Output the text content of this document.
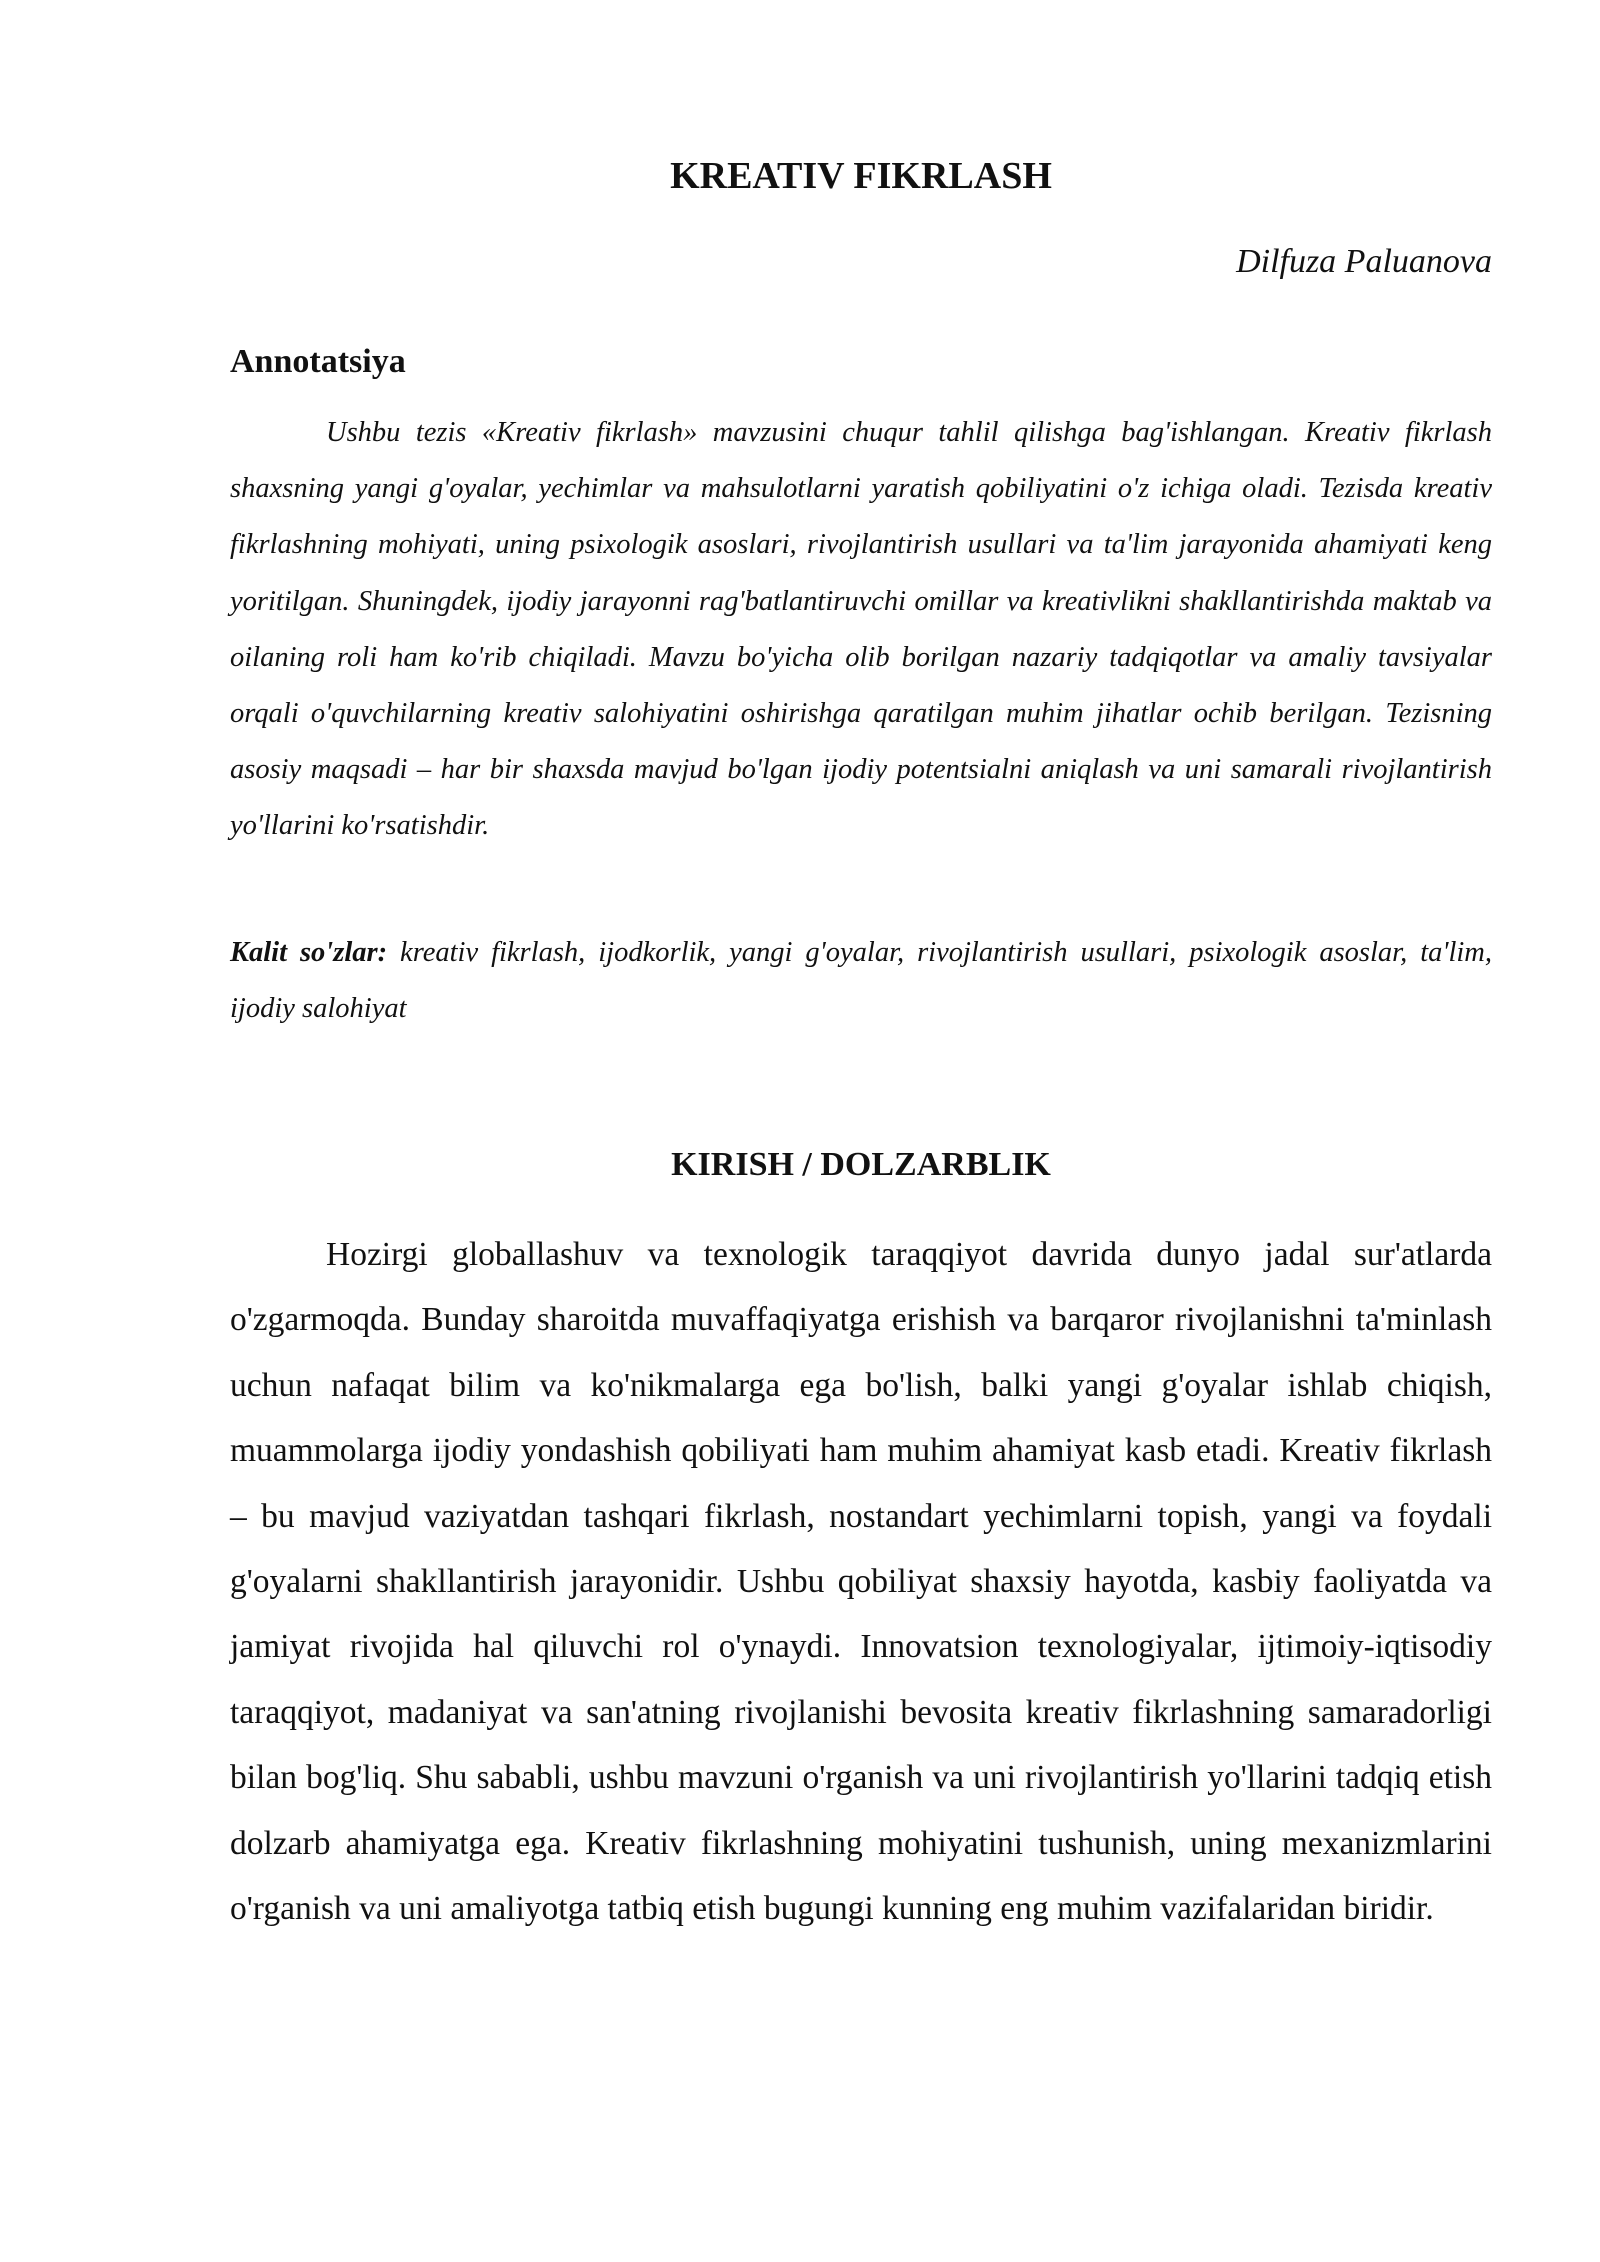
KREATIV FIKRLASH

Dilfuza Paluanova

Annotatsiya

Ushbu tezis «Kreativ fikrlash» mavzusini chuqur tahlil qilishga bag'ishlangan. Kreativ fikrlash shaxsning yangi g'oyalar, yechimlar va mahsulotlarni yaratish qobiliyatini o'z ichiga oladi. Tezisda kreativ fikrlashning mohiyati, uning psixologik asoslari, rivojlantirish usullari va ta'lim jarayonida ahamiyati keng yoritilgan. Shuningdek, ijodiy jarayonni rag'batlantiruvchi omillar va kreativlikni shakllantirishda maktab va oilaning roli ham ko'rib chiqiladi. Mavzu bo'yicha olib borilgan nazariy tadqiqotlar va amaliy tavsiyalar orqali o'quvchilarning kreativ salohiyatini oshirishga qaratilgan muhim jihatlar ochib berilgan. Tezisning asosiy maqsadi – har bir shaxsda mavjud bo'lgan ijodiy potentsialni aniqlash va uni samarali rivojlantirish yo'llarini ko'rsatishdir.

Kalit so'zlar: kreativ fikrlash, ijodkorlik, yangi g'oyalar, rivojlantirish usullari, psixologik asoslar, ta'lim, ijodiy salohiyat

KIRISH / DOLZARBLIK

Hozirgi globallashuv va texnologik taraqqiyot davrida dunyo jadal sur'atlarda o'zgarmoqda. Bunday sharoitda muvaffaqiyatga erishish va barqaror rivojlanishni ta'minlash uchun nafaqat bilim va ko'nikmalarga ega bo'lish, balki yangi g'oyalar ishlab chiqish, muammolarga ijodiy yondashish qobiliyati ham muhim ahamiyat kasb etadi. Kreativ fikrlash – bu mavjud vaziyatdan tashqari fikrlash, nostandart yechimlarni topish, yangi va foydali g'oyalarni shakllantirish jarayonidir. Ushbu qobiliyat shaxsiy hayotda, kasbiy faoliyatda va jamiyat rivojida hal qiluvchi rol o'ynaydi. Innovatsion texnologiyalar, ijtimoiy-iqtisodiy taraqqiyot, madaniyat va san'atning rivojlanishi bevosita kreativ fikrlashning samaradorligi bilan bog'liq. Shu sababli, ushbu mavzuni o'rganish va uni rivojlantirish yo'llarini tadqiq etish dolzarb ahamiyatga ega. Kreativ fikrlashning mohiyatini tushunish, uning mexanizmlarini o'rganish va uni amaliyotga tatbiq etish bugungi kunning eng muhim vazifalaridan biridir.
